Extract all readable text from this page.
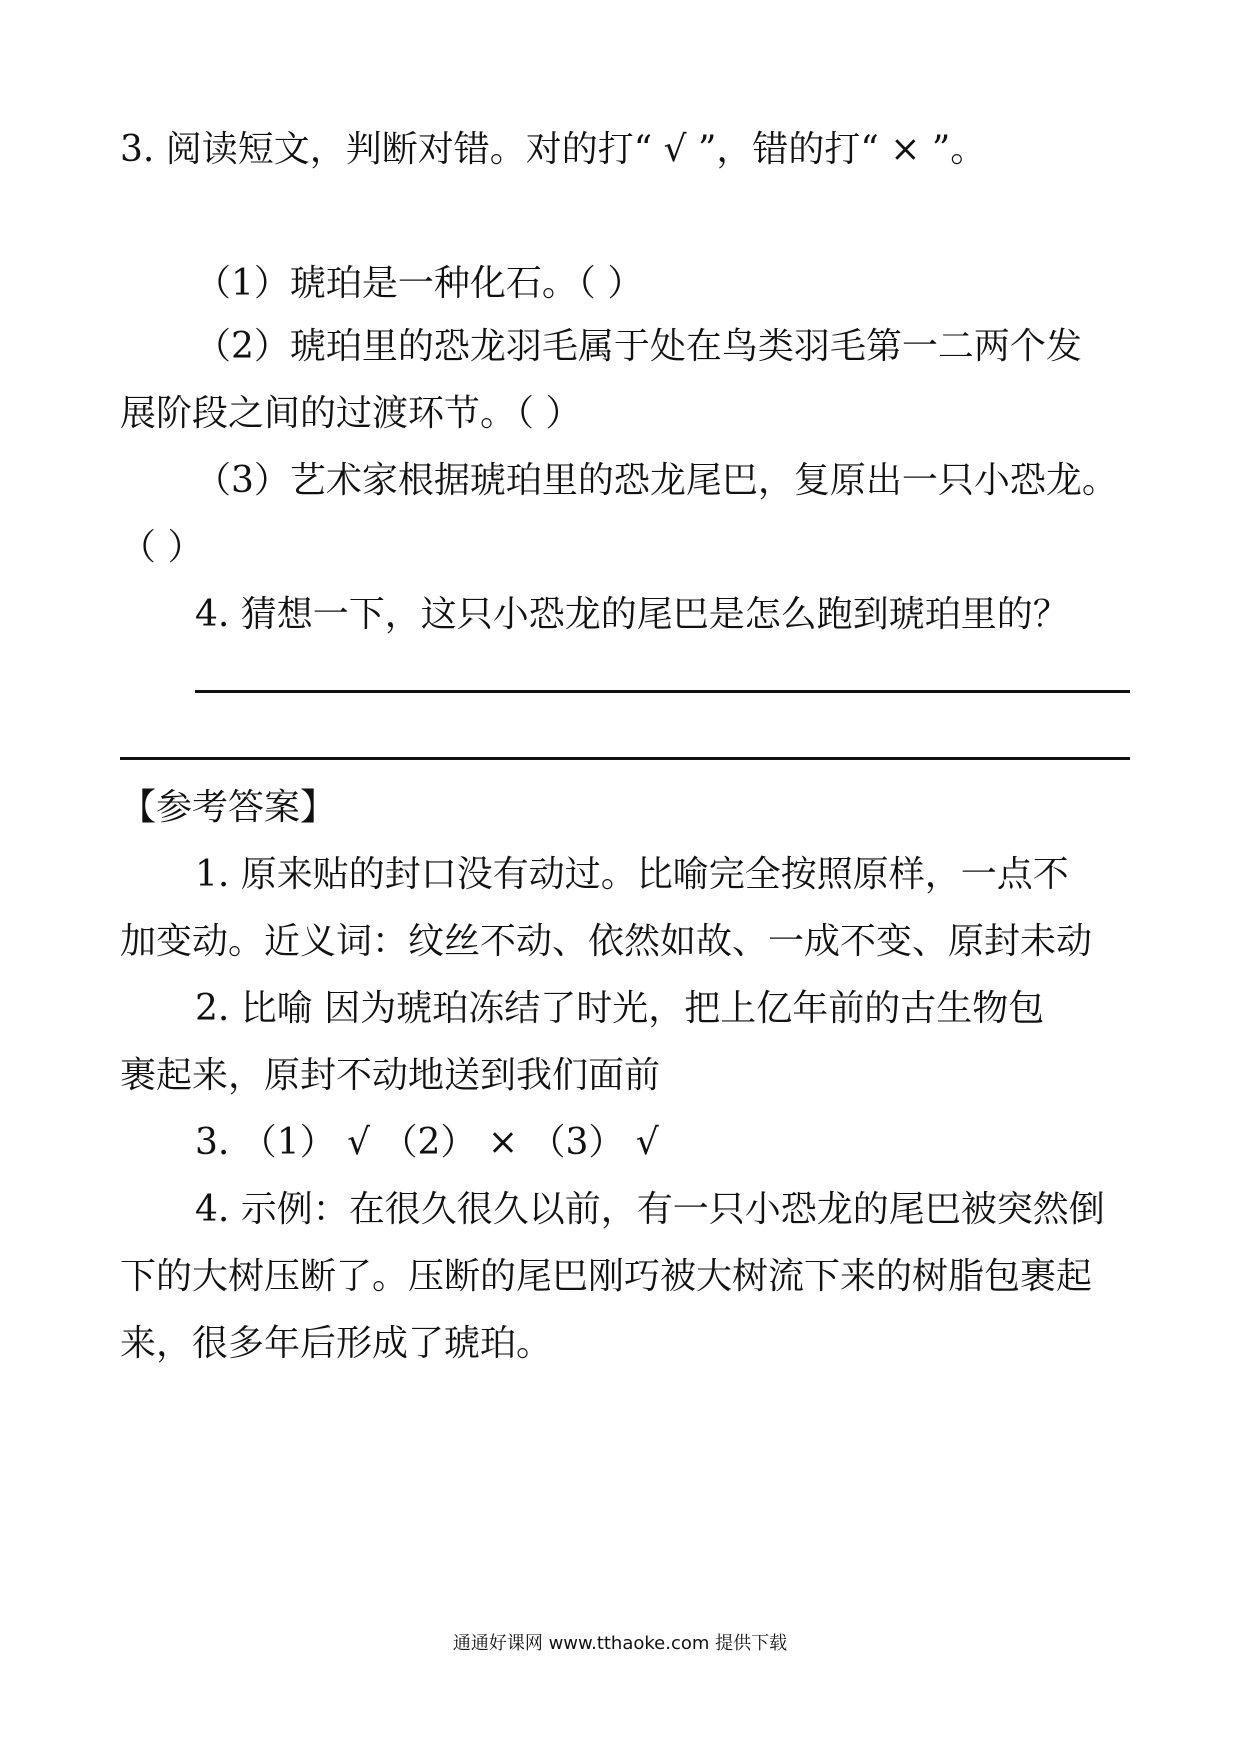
3. 阅读短文，判断对错。对的打“ √ ”，错的打“ × ”。
（1）琥珀是一种化石。（ ）
（2）琥珀里的恐龙羽毛属于处在鸟类羽毛第一二两个发
展阶段之间的过渡环节。（ ）
（3）艺术家根据琥珀里的恐龙尾巴，复原出一只小恐龙。
（ ）
4. 猜想一下，这只小恐龙的尾巴是怎么跑到琥珀里的？
【参考答案】
1. 原来贴的封口没有动过。比喻完全按照原样，一点不
加变动。近义词：纹丝不动、依然如故、一成不变、原封未动
2. 比喻 因为琥珀冻结了时光，把上亿年前的古生物包
裹起来，原封不动地送到我们面前
3. （1） √ （2） × （3） √
4. 示例：在很久很久以前，有一只小恐龙的尾巴被突然倒
下的大树压断了。压断的尾巴刚巧被大树流下来的树脂包裹起
来，很多年后形成了琥珀。
通通好课网 www.tthaoke.com 提供下载
